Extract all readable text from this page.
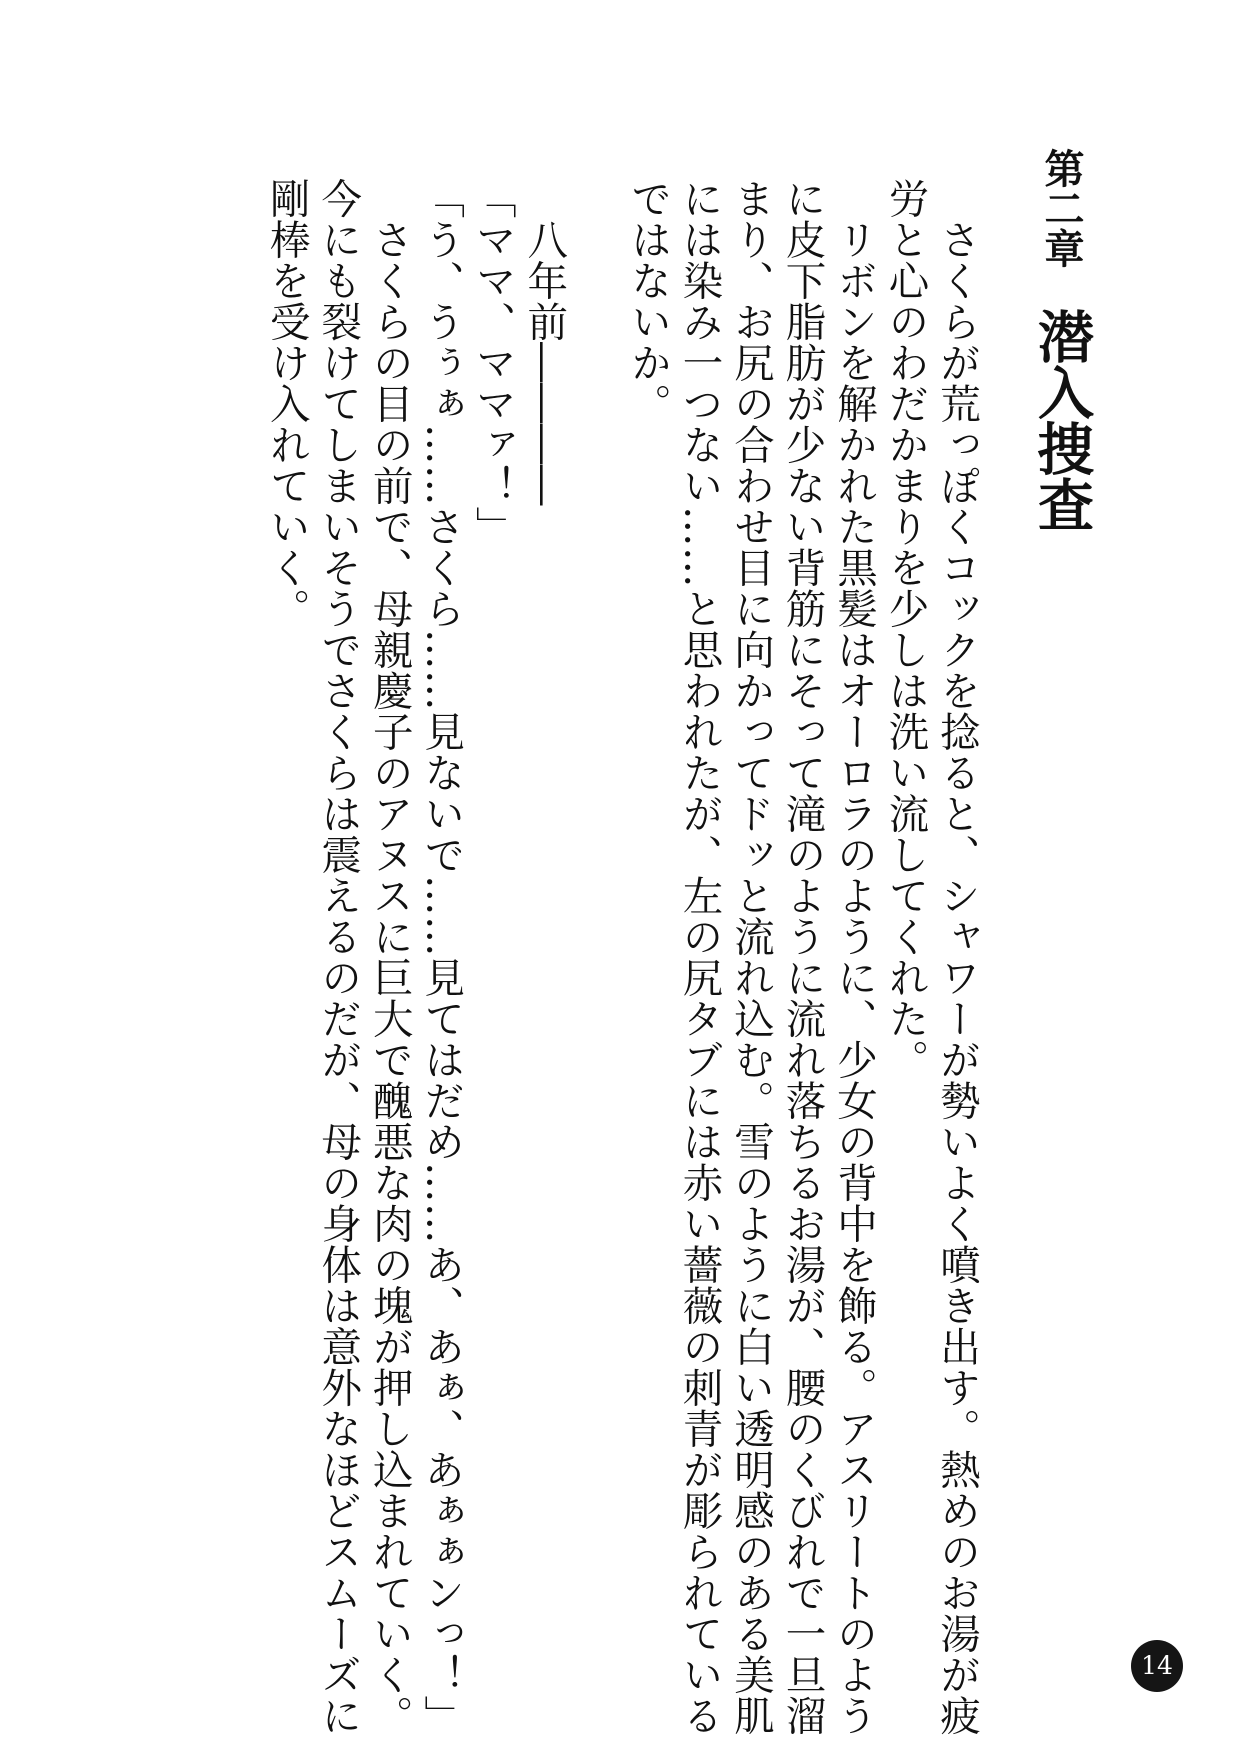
第二章潜入捜査

　さくらが荒っぽくコックを捻ると、シャワーが勢いよく噴き出す。熱めのお湯が疲

労と心のわだかまりを少しは洗い流してくれた。

　リボンを解かれた黒髪はオーロラのように、少女の背中を飾る。アスリートのよう

に皮下脂肪が少ない背筋にそって滝のように流れ落ちるお湯が、腰のくびれで一旦溜

まり、お尻の合わせ目に向かってドッと流れ込む。雪のように白い透明感のある美肌

には染み一つない……と思われたが、左の尻タブには赤い薔薇の刺青が彫られている

ではないか。

　八年前――――

「ママ、ママァ！」

「う、うぅぁ……さくら……見ないで……見てはだめ……あ、あぁ、あぁぁンっ！」

　さくらの目の前で、母親慶子のアヌスに巨大で醜悪な肉の塊が押し込まれていく。

今にも裂けてしまいそうでさくらは震えるのだが、母の身体は意外なほどスムーズに

剛棒を受け入れていく。

14
